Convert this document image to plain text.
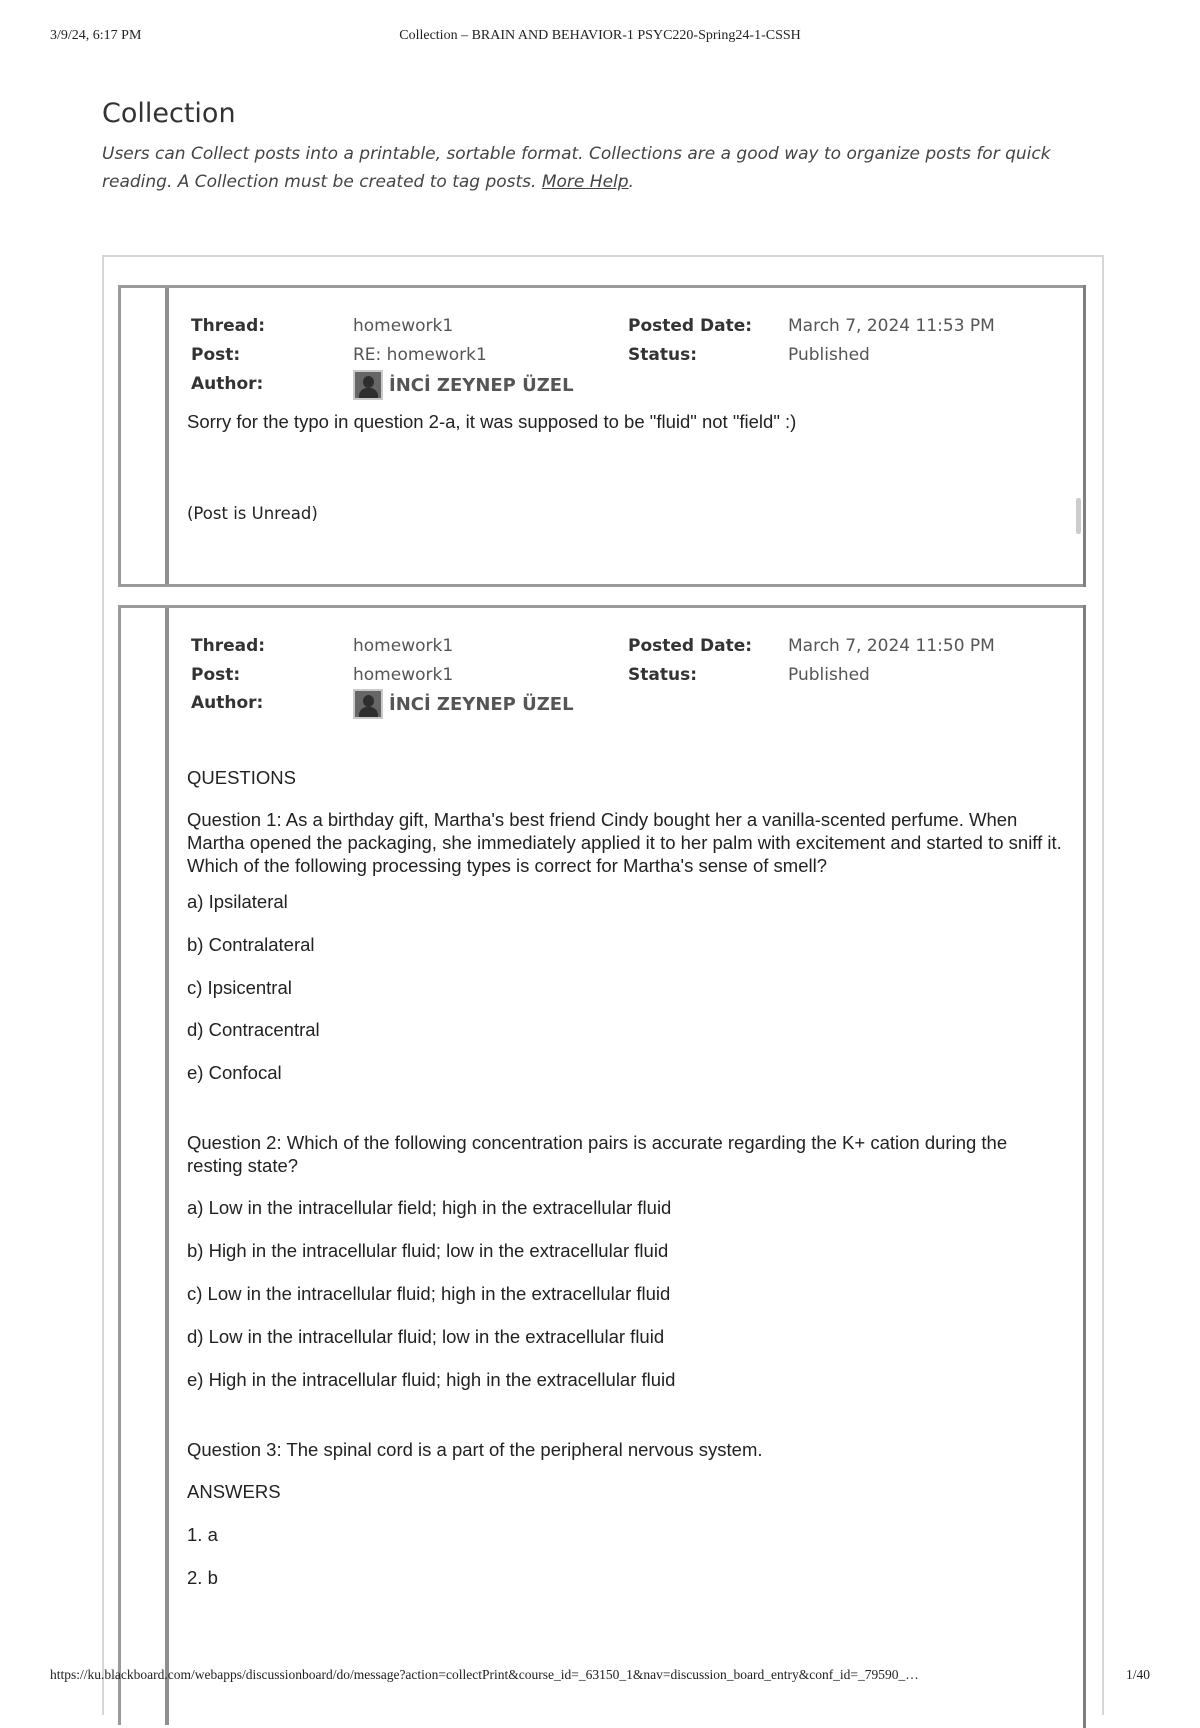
3/9/24, 6:17 PM	Collection – BRAIN AND BEHAVIOR-1 PSYC220-Spring24-1-CSSH
Collection

Users can Collect posts into a printable, sortable format. Collections are a good way to organize posts for quick reading. A Collection must be created to tag posts. More Help.

Thread:	homework1	Posted Date: March 7, 2024 11:53 PM
Post:	RE: homework1	Status:	Published
Author:	İNCİ ZEYNEP ÜZEL

Sorry for the typo in question 2-a, it was supposed to be "fluid" not "field" :)

(Post is Unread)
Thread:	homework1	Posted Date: March 7, 2024 11:50 PM
Post:	homework1	Status:	Published
Author:	İNCİ ZEYNEP ÜZEL

QUESTIONS

Question 1: As a birthday gift, Martha's best friend Cindy bought her a vanilla-scented perfume. When Martha opened the packaging, she immediately applied it to her palm with excitement and started to sniff it. Which of the following processing types is correct for Martha's sense of smell?

a) Ipsilateral

b) Contralateral

c) Ipsicentral

d) Contracentral

e) Confocal

Question 2: Which of the following concentration pairs is accurate regarding the K+ cation during the resting state?

a) Low in the intracellular field; high in the extracellular fluid

b) High in the intracellular fluid; low in the extracellular fluid

c) Low in the intracellular fluid; high in the extracellular fluid

d) Low in the intracellular fluid; low in the extracellular fluid

e) High in the intracellular fluid; high in the extracellular fluid

Question 3: The spinal cord is a part of the peripheral nervous system.

ANSWERS

1. a

2. b

https://ku.blackboard.com/webapps/discussionboard/do/message?action=collectPrint&course_id=_63150_1&nav=discussion_board_entry&conf_id=_79590_…	1/40
